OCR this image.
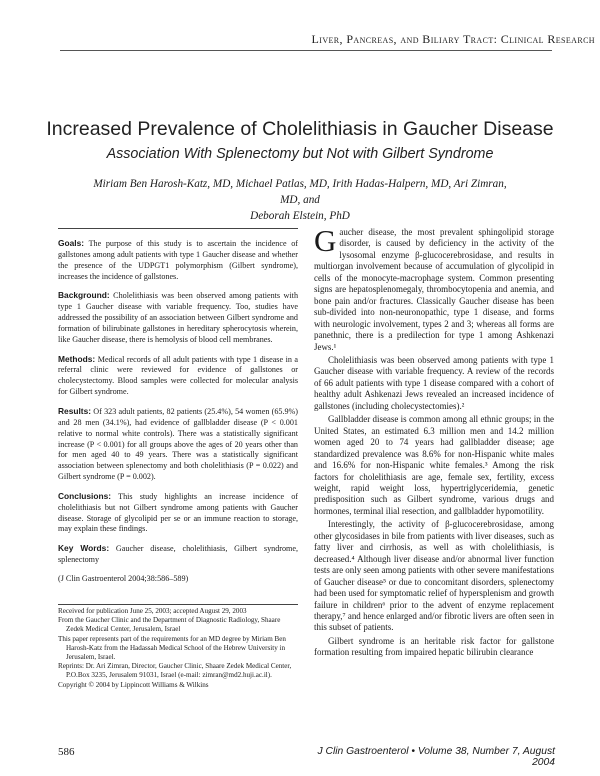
Liver, Pancreas, and Biliary Tract: Clinical Research
Increased Prevalence of Cholelithiasis in Gaucher Disease
Association With Splenectomy but Not with Gilbert Syndrome
Miriam Ben Harosh-Katz, MD, Michael Patlas, MD, Irith Hadas-Halpern, MD, Ari Zimran, MD, and
Deborah Elstein, PhD

Goals: The purpose of this study is to ascertain the incidence of gallstones among adult patients with type 1 Gaucher disease and whether the presence of the UDPGT1 polymorphism (Gilbert syndrome), increases the incidence of gallstones.

Background: Cholelithiasis was been observed among patients with type 1 Gaucher disease with variable frequency. Too, studies have addressed the possibility of an association between Gilbert syndrome and formation of bilirubinate gallstones in hereditary spherocytosis wherein, like Gaucher disease, there is hemolysis of blood cell membranes.

Methods: Medical records of all adult patients with type 1 disease in a referral clinic were reviewed for evidence of gallstones or cholecystectomy. Blood samples were collected for molecular analysis for Gilbert syndrome.

Results: Of 323 adult patients, 82 patients (25.4%), 54 women (65.9%) and 28 men (34.1%), had evidence of gallbladder disease (P < 0.001 relative to normal white controls). There was a statistically significant increase (P < 0.001) for all groups above the ages of 20 years other than for men aged 40 to 49 years. There was a statistically significant association between splenectomy and both cholelithiasis (P = 0.022) and Gilbert syndrome (P = 0.002).

Conclusions: This study highlights an increase incidence of cholelithiasis but not Gilbert syndrome among patients with Gaucher disease. Storage of glycolipid per se or an immune reaction to storage, may explain these findings.

Key Words: Gaucher disease, cholelithiasis, Gilbert syndrome, splenectomy

(J Clin Gastroenterol 2004;38:586–589)

Received for publication June 25, 2003; accepted August 29, 2003

From the Gaucher Clinic and the Department of Diagnostic Radiology, Shaare Zedek Medical Center, Jerusalem, Israel

This paper represents part of the requirements for an MD degree by Miriam Ben Harosh-Katz from the Hadassah Medical School of the Hebrew University in Jerusalem, Israel.

Reprints: Dr. Ari Zimran, Director, Gaucher Clinic, Shaare Zedek Medical Center, P.O.Box 3235, Jerusalem 91031, Israel (e-mail: zimran@md2.huji.ac.il).

Copyright © 2004 by Lippincott Williams & Wilkins

Gaucher disease, the most prevalent sphingolipid storage disorder, is caused by deficiency in the activity of the lysosomal enzyme β-glucocerebrosidase, and results in multiorgan involvement because of accumulation of glycolipid in cells of the monocyte-macrophage system. Common presenting signs are hepatosplenomegaly, thrombocytopenia and anemia, and bone pain and/or fractures. Classically Gaucher disease has been sub-divided into non-neuronopathic, type 1 disease, and forms with neurologic involvement, types 2 and 3; whereas all forms are panethnic, there is a predilection for type 1 among Ashkenazi Jews.¹

Cholelithiasis was been observed among patients with type 1 Gaucher disease with variable frequency. A review of the records of 66 adult patients with type 1 disease compared with a cohort of healthy adult Ashkenazi Jews revealed an increased incidence of gallstones (including cholecystectomies).²

Gallbladder disease is common among all ethnic groups; in the United States, an estimated 6.3 million men and 14.2 million women aged 20 to 74 years had gallbladder disease; age standardized prevalence was 8.6% for non-Hispanic white males and 16.6% for non-Hispanic white females.³ Among the risk factors for cholelithiasis are age, female sex, fertility, excess weight, rapid weight loss, hypertriglyceridemia, genetic predisposition such as Gilbert syndrome, various drugs and hormones, terminal ilial resection, and gallbladder hypomotility.

Interestingly, the activity of β-glucocerebrosidase, among other glycosidases in bile from patients with liver diseases, such as fatty liver and cirrhosis, as well as with cholelithiasis, is decreased.⁴ Although liver disease and/or abnormal liver function tests are only seen among patients with other severe manifestations of Gaucher disease⁵ or due to concomitant disorders, splenectomy had been used for symptomatic relief of hypersplenism and growth failure in children⁶ prior to the advent of enzyme replacement therapy,⁷ and hence enlarged and/or fibrotic livers are often seen in this subset of patients.

Gilbert syndrome is an heritable risk factor for gallstone formation resulting from impaired hepatic bilirubin clearance

586	J Clin Gastroenterol • Volume 38, Number 7, August 2004
